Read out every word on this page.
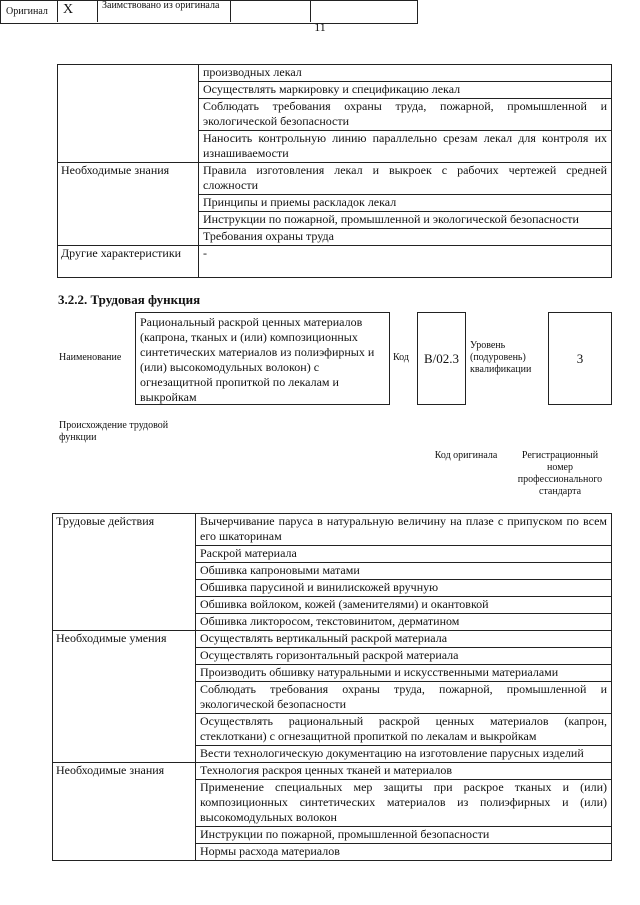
11
	производных лекал
	Осуществлять маркировку и спецификацию лекал
	Соблюдать требования охраны труда, пожарной, промышленной и экологической безопасности
	Наносить контрольную линию параллельно срезам лекал для контроля их изнашиваемости
Необходимые знания	Правила изготовления лекал и выкроек с рабочих чертежей средней сложности
	Принципы и приемы раскладок лекал
	Инструкции по пожарной, промышленной и экологической безопасности
	Требования охраны труда
Другие характеристики	-
3.2.2. Трудовая функция
Наименование
Рациональный раскрой ценных материалов (капрона, тканых и (или) композиционных синтетических материалов из полиэфирных и (или) высокомодульных волокон) с огнезащитной пропиткой по лекалам и выкройкам
Код B/02.3
Уровень (подуровень) квалификации
3
Происхождение трудовой функции
Оригинал X	Заимствовано из оригинала
Код оригинала	Регистрационный номер профессионального стандарта
Трудовые действия	Вычерчивание паруса в натуральную величину на плазе с припуском по всем его шкаторинам
	Раскрой материала
	Обшивка капроновыми матами
	Обшивка парусиной и винилискожей вручную
	Обшивка войлоком, кожей (заменителями) и окантовкой
	Обшивка ликторосом, текстовинитом, дерматином
Необходимые умения	Осуществлять вертикальный раскрой материала
	Осуществлять горизонтальный раскрой материала
	Производить обшивку натуральными и искусственными материалами
	Соблюдать требования охраны труда, пожарной, промышленной и экологической безопасности
	Осуществлять рациональный раскрой ценных материалов (капрон, стеклоткани) с огнезащитной пропиткой по лекалам и выкройкам
	Вести технологическую документацию на изготовление парусных изделий
Необходимые знания	Технология раскроя ценных тканей и материалов
	Применение специальных мер защиты при раскрое тканых и (или) композиционных синтетических материалов из полиэфирных и (или) высокомодульных волокон
	Инструкции по пожарной, промышленной безопасности
	Нормы расхода материалов
